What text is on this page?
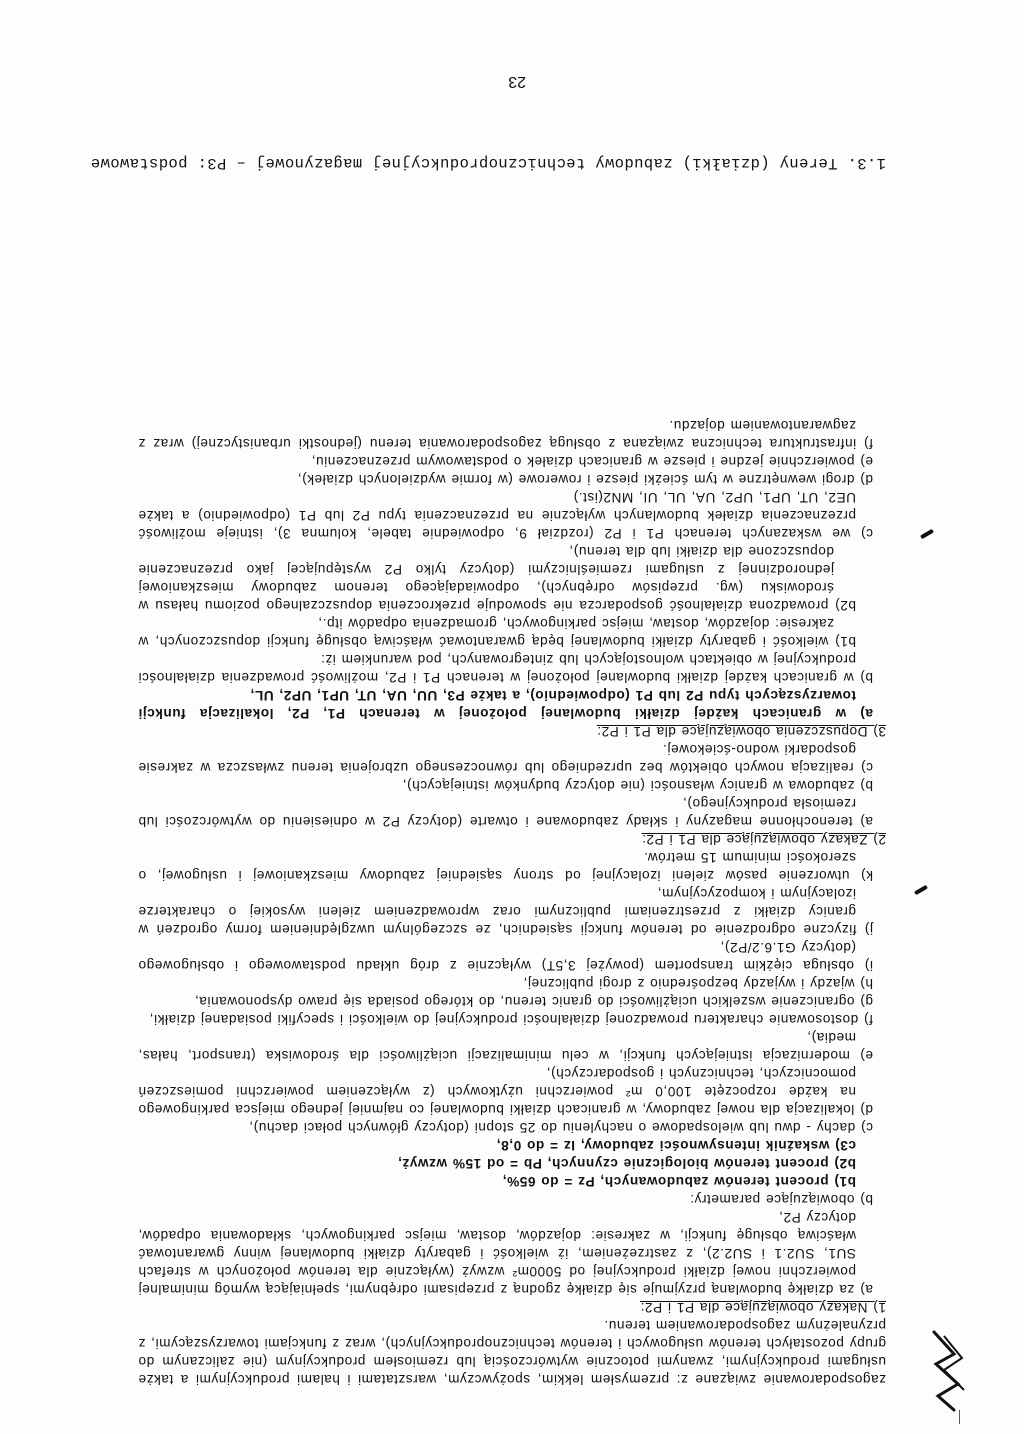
zagospodarowanie związane z: przemysłem lekkim, spożywczym, warsztatami i halami produkcyjnymi a także usługami produkcyjnymi, zwanymi potocznie wytwórczością lub rzemiosłem produkcyjnym (nie zaliczanym do grupy pozostałych terenów usługowych i terenów technicznoprodukcyjnych), wraz z funkcjami towarzyszącymi, z przynależnym zagospodarowaniem terenu.

1) Nakazy obowiązujące dla P1 i P2:

a) za działkę budowlaną przyjmuje się działkę zgodną z przepisami odrębnymi, spełniającą wymóg minimalnej powierzchni nowej działki produkcyjnej od 5000m² wzwyż (wyłącznie dla terenów położonych w strefach SU1, SU2.1 i SU2.2), z zastrzeżeniem, iż wielkość i gabaryty działki budowlanej winny gwarantować właściwą obsługę funkcji, w zakresie: dojazdów, dostaw, miejsc parkingowych, składowania odpadów, dotyczy P2,

b) obowiązujące parametry:

b1) procent terenów zabudowanych, Pz = do 65%,

b2) procent terenów biologicznie czynnych, Pb = od 15% wzwyż,

c3) wskaźnik intensywności zabudowy, Iz = do 0,8,

c) dachy - dwu lub wielospadowe o nachyleniu do 25 stopni (dotyczy głównych połaci dachu),

d) lokalizacja dla nowej zabudowy, w granicach działki budowlanej co najmniej jednego miejsca parkingowego na każde rozpoczęte 100,0 m² powierzchni użytkowych (z wyłączeniem powierzchni pomieszczeń pomocniczych, technicznych i gospodarczych),

e) modernizacja istniejących funkcji, w celu minimalizacji uciążliwości dla środowiska (transport, hałas, media),

f) dostosowanie charakteru prowadzonej działalności produkcyjnej do wielkości i specyfiki posiadanej działki,

g) ograniczenie wszelkich uciążliwości do granic terenu, do którego posiada się prawo dysponowania,

h) wjazdy i wyjazdy bezpośrednio z drogi publicznej,

i) obsługa ciężkim transportem (powyżej 3,5T) wyłącznie z dróg układu podstawowego i obsługowego (dotyczy G1.6.2/P2),

j) fizyczne odgrodzenie od terenów funkcji sąsiednich, ze szczególnym uwzględnieniem formy ogrodzeń w granicy działki z przestrzeniami publicznymi oraz wprowadzeniem zieleni wysokiej o charakterze izolacyjnym i kompozycyjnym,

k) utworzenie pasów zieleni izolacyjnej od strony sąsiedniej zabudowy mieszkaniowej i usługowej, o szerokości minimum 15 metrów.

2) Zakazy obowiązujące dla P1 i P2:

a) terenochłonne magazyny i składy zabudowane i otwarte (dotyczy P2 w odniesieniu do wytwórczości lub rzemiosła produkcyjnego),

b) zabudowa w granicy własności (nie dotyczy budynków istniejących),

c) realizacja nowych obiektów bez uprzedniego lub równoczesnego uzbrojenia terenu zwłaszcza w zakresie gospodarki wodno-ściekowej.

3) Dopuszczenia obowiązujące dla P1 i P2:

a) w granicach każdej działki budowlanej położonej w terenach P1, P2, lokalizacja funkcji towarzyszących typu P2 lub P1 (odpowiednio), a także P3, UU, UA, UT, UP1, UP2, UL,

b) w granicach każdej działki budowlanej położonej w terenach P1 i P2, możliwość prowadzenia działalności produkcyjnej w obiektach wolnostojących lub zintegrowanych, pod warunkiem iż:

b1) wielkość i gabaryty działki budowlanej będą gwarantować właściwą obsługę funkcji dopuszczonych, w zakresie: dojazdów, dostaw, miejsc parkingowych, gromadzenia odpadów itp.,

b2) prowadzona działalność gospodarcza nie spowoduje przekroczenia dopuszczalnego poziomu hałasu w środowisku (wg. przepisów odrębnych), odpowiadającego terenom zabudowy mieszkaniowej jednorodzinnej z usługami rzemieślniczymi (dotyczy tylko P2 występującej jako przeznaczenie dopuszczone dla działki lub dla terenu),

c) we wskazanych terenach P1 i P2 (rozdział 9, odpowiednie tabele, kolumna 3), istnieje możliwość przeznaczenia działek budowlanych wyłącznie na przeznaczenia typu P2 lub P1 (odpowiednio) a także UE2, UT, UP1, UP2, UA, UL, UI, MN2(ist.)

d) drogi wewnętrzne w tym ścieżki piesze i rowerowe (w formie wydzielonych działek),

e) powierzchnie jezdne i piesze w granicach działek o podstawowym przeznaczeniu,

f) infrastruktura techniczna związana z obsługą zagospodarowania terenu (jednostki urbanistycznej) wraz z zagwarantowaniem dojazdu.

1.3. Tereny (działki) zabudowy technicznoprodukcyjnej magazynowej – P3: podstawowe
23
